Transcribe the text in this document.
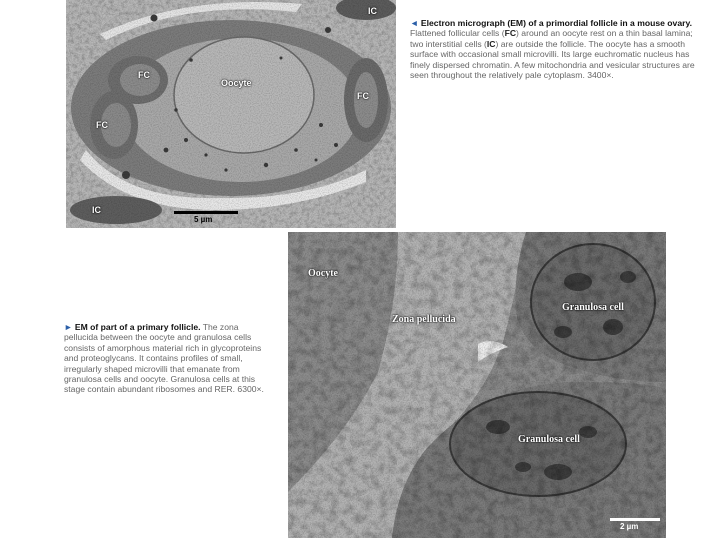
IC
FC
FC
FC
Oocyte
IC
5 µm
◄ Electron micrograph (EM) of a primordial follicle in a mouse ovary. Flattened follicular cells (FC) around an oocyte rest on a thin basal lamina; two interstitial cells (IC) are outside the follicle. The oocyte has a smooth surface with occasional small microvilli. Its large euchromatic nucleus has finely dispersed chromatin. A few mitochondria and vesicular structures are seen throughout the relatively pale cytoplasm. 3400×.
Oocyte
Zona pellucida
Granulosa cell
Granulosa cell
2 µm
► EM of part of a primary follicle. The zona pellucida between the oocyte and granulosa cells consists of amorphous material rich in glycoproteins and proteoglycans. It contains profiles of small, irregularly shaped microvilli that emanate from granulosa cells and oocyte. Granulosa cells at this stage contain abundant ribosomes and RER. 6300×.
